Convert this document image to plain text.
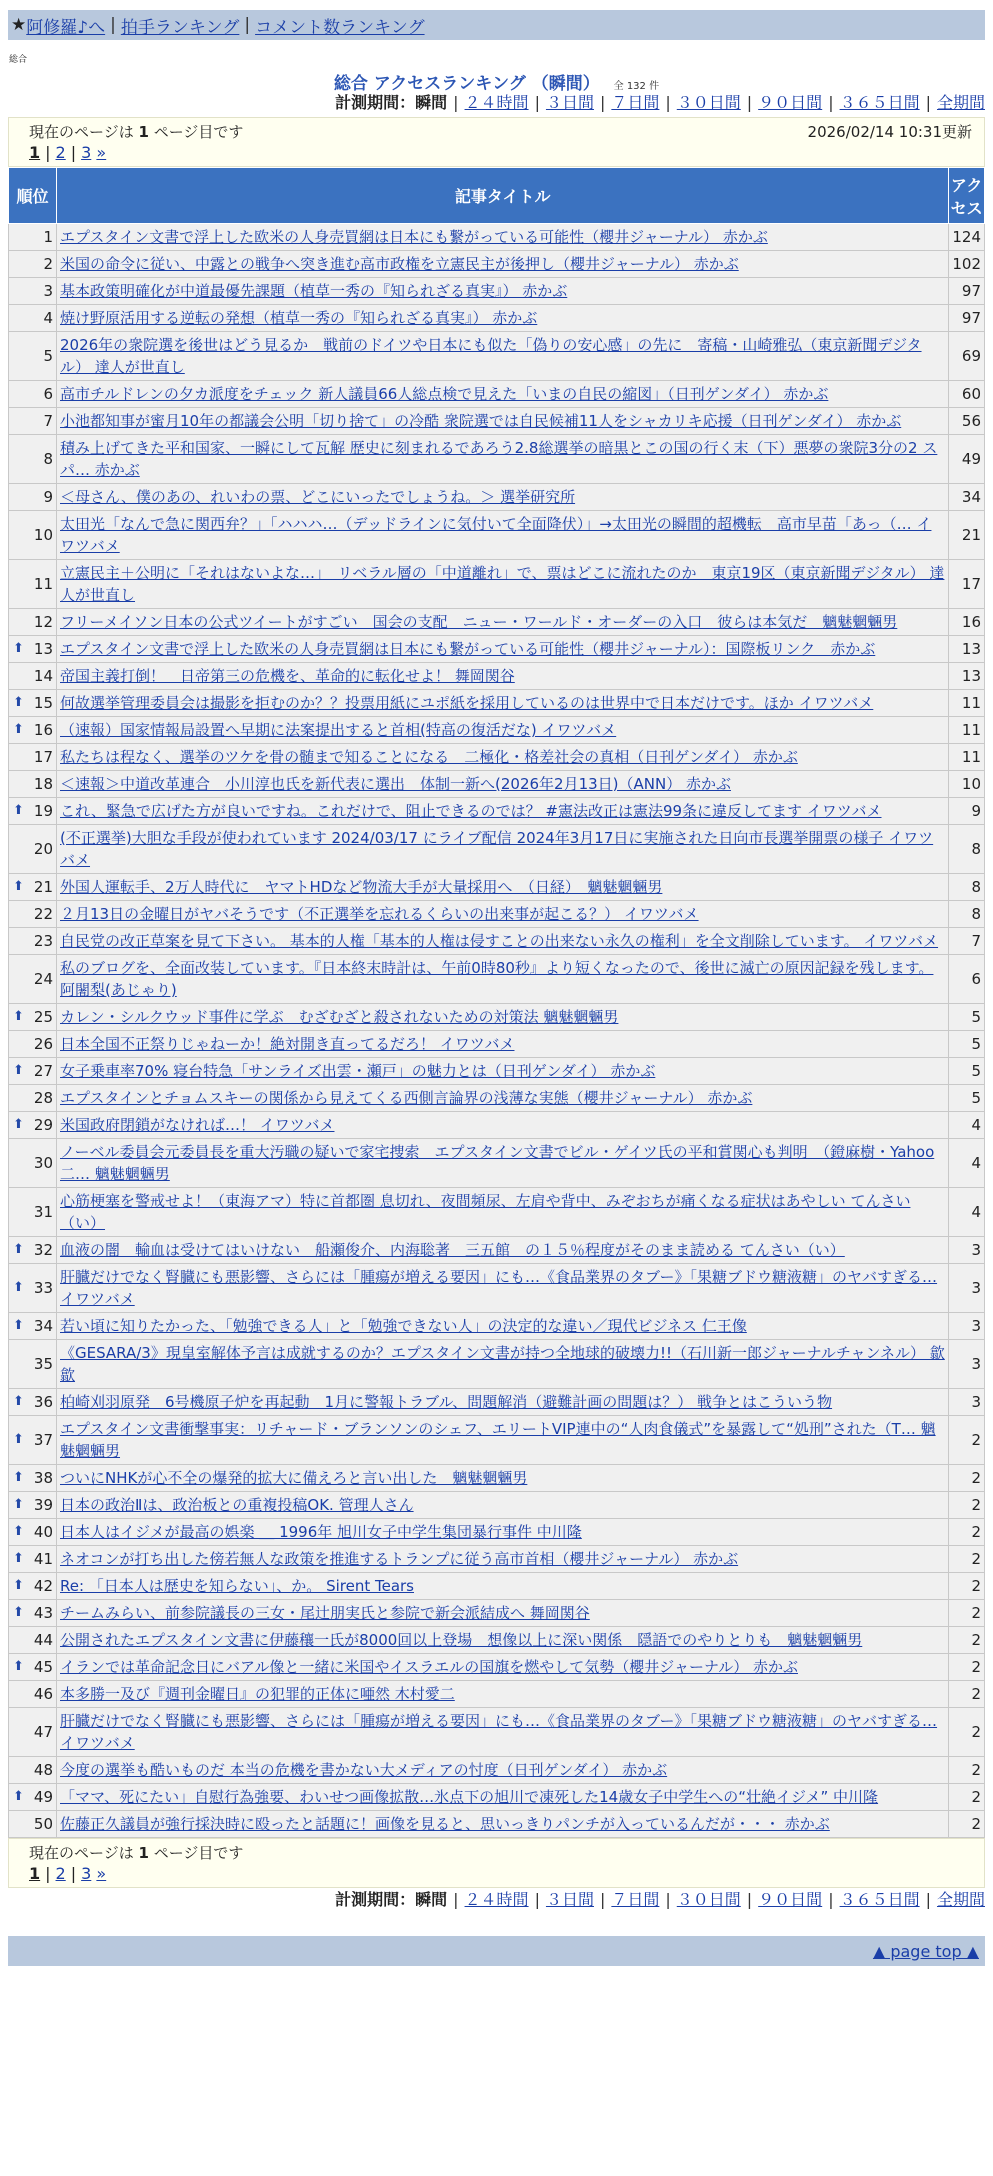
★ 阿修羅♪へ | 拍手ランキング | コメント数ランキング
総合
総合 アクセスランキング （瞬間） 全 132 件
計測期間：瞬間 | ２４時間 | ３日間 | ７日間 | ３０日間 | ９０日間 | ３６５日間 | 全期間
現在のページは 1 ページ目です	2026/02/14 10:31更新
1 | 2 | 3 »
順位	記事タイトル	アクセス
1	エプスタイン文書で浮上した欧米の人身売買網は日本にも繋がっている可能性（櫻井ジャーナル） 赤かぶ	124
2	米国の命令に従い、中露との戦争へ突き進む高市政権を立憲民主が後押し（櫻井ジャーナル） 赤かぶ	102
3	基本政策明確化が中道最優先課題（植草一秀の『知られざる真実』） 赤かぶ	97
4	焼け野原活用する逆転の発想（植草一秀の『知られざる真実』） 赤かぶ	97
5	2026年の衆院選を後世はどう見るか　戦前のドイツや日本にも似た「偽りの安心感」の先に　寄稿・山崎雅弘（東京新聞デジタル） 達人が世直し	69
6	高市チルドレンの夕カ派度をチェック 新人議員66人総点検で見えた「いまの自民の縮図」（日刊ゲンダイ） 赤かぶ	60
7	小池都知事が蜜月10年の都議会公明「切り捨て」の冷酷 衆院選では自民候補11人をシャカリキ応援（日刊ゲンダイ） 赤かぶ	56
8	積み上げてきた平和国家、一瞬にして瓦解 歴史に刻まれるであろう2.8総選挙の暗黒とこの国の行く末（下）悪夢の衆院3分の2 スパ… 赤かぶ	49
9	＜母さん、僕のあの、れいわの票、どこにいったでしょうね。＞ 選挙研究所	34
10	太田光「なんで急に関西弁？」「ハハハ…（デッドラインに気付いて全面降伏）」→太田光の瞬間的超機転　高市早苗「あっ（… イワツバメ	21
11	立憲民主＋公明に「それはないよな…」　リベラル層の「中道離れ」で、票はどこに流れたのか　東京19区（東京新聞デジタル） 達人が世直し	17
12	フリーメイソン日本の公式ツイートがすごい　国会の支配　ニュー・ワールド・オーダーの入口　彼らは本気だ　魑魅魍魎男	16

⬆ 13	エプスタイン文書で浮上した欧米の人身売買網は日本にも繋がっている可能性（櫻井ジャーナル）：国際板リンク　赤かぶ	13
14	帝国主義打倒！　日帝第三の危機を、革命的に転化せよ！ 舞岡関谷	13

⬆ 15	何故選挙管理委員会は撮影を拒むのか？？投票用紙にユポ紙を採用しているのは世界中で日本だけです。ほか イワツバメ	11

⬆ 16	（速報）国家情報局設置へ早期に法案提出すると首相(特高の復活だな) イワツバメ	11
17	私たちは程なく、選挙のツケを骨の髄まで知ることになる　二極化・格差社会の真相（日刊ゲンダイ） 赤かぶ	11
18	＜速報＞中道改革連合　小川淳也氏を新代表に選出　体制一新へ(2026年2月13日)（ANN） 赤かぶ	10

⬆ 19	これ、緊急で広げた方が良いですね。これだけで、阻止できるのでは？ #憲法改正は憲法99条に違反してます イワツバメ	9
20	(不正選挙)大胆な手段が使われています 2024/03/17 にライブ配信 2024年3月17日に実施された日向市長選挙開票の様子 イワツバメ	8

⬆ 21	外国人運転手、2万人時代に　ヤマトHDなど物流大手が大量採用へ　（日経）　魑魅魍魎男	8
22	２月13日の金曜日がヤバそうです（不正選挙を忘れるくらいの出来事が起こる？） イワツバメ	8
23	自民党の改正草案を見て下さい。 基本的人権「基本的人権は侵すことの出来ない永久の権利」を全文削除しています。 イワツバメ	7
24	私のブログを、全面改装しています。『日本終末時計は、午前0時80秒』より短くなったので、後世に滅亡の原因記録を残します。 阿闍梨(あじゃり)	6

⬆ 25	カレン・シルクウッド事件に学ぶ　むざむざと殺されないための対策法 魑魅魍魎男	5
26	日本全国不正祭りじゃねーか！絶対開き直ってるだろ！ イワツバメ	5

⬆ 27	女子乗車率70% 寝台特急「サンライズ出雲・瀬戸」の魅力とは（日刊ゲンダイ） 赤かぶ	5
28	エプスタインとチョムスキーの関係から見えてくる西側言論界の浅薄な実態（櫻井ジャーナル） 赤かぶ	5

⬆ 29	米国政府閉鎖がなければ…！ イワツバメ	4
30	ノーベル委員会元委員長を重大汚職の疑いで家宅捜索　エプスタイン文書でビル・ゲイツ氏の平和賞関心も判明　（鐙麻樹・Yahoo二… 魑魅魍魎男	4
31	心筋梗塞を警戒せよ！（東海アマ）特に首都圏 息切れ、夜間頻尿、左肩や背中、みぞおちが痛くなる症状はあやしい てんさい（い）	4

⬆ 32	血液の闇　輸血は受けてはいけない　船瀬俊介、内海聡著　三五館　の１５％程度がそのまま読める てんさい（い）	3

⬆ 33	肝臓だけでなく腎臓にも悪影響、さらには「腫瘍が増える要因」にも…《食品業界のタブー》「果糖ブドウ糖液糖」のヤバすぎる… イワツバメ	3

⬆ 34	若い頃に知りたかった、「勉強できる人」と「勉強できない人」の決定的な違い／現代ビジネス 仁王像	3
35	《GESARA/3》現皇室解体予言は成就するのか？エプスタイン文書が持つ全地球的破壊力!!（石川新一郎ジャーナルチャンネル） 歙歙	3

⬆ 36	柏崎刈羽原発　6号機原子炉を再起動　1月に警報トラブル、問題解消（避難計画の問題は？） 戦争とはこういう物	3

⬆ 37	エプスタイン文書衝撃事実：リチャード・ブランソンのシェフ、エリートVIP連中の“人肉食儀式”を暴露して“処刑”された（T… 魑魅魍魎男	2

⬆ 38	ついにNHKが心不全の爆発的拡大に備えろと言い出した　魑魅魍魎男	2

⬆ 39	日本の政治Ⅱは、政治板との重複投稿OK. 管理人さん	2

⬆ 40	日本人はイジメが最高の娯楽 ＿ 1996年 旭川女子中学生集団暴行事件 中川隆	2

⬆ 41	ネオコンが打ち出した傍若無人な政策を推進するトランプに従う高市首相（櫻井ジャーナル） 赤かぶ	2

⬆ 42	Re: 「日本人は歴史を知らない」、か。 Sirent Tears	2

⬆ 43	チームみらい、前参院議長の三女・尾辻朋実氏と参院で新会派結成へ 舞岡関谷	2
44	公開されたエプスタイン文書に伊藤穰一氏が8000回以上登場　想像以上に深い関係　隠語でのやりとりも　魑魅魍魎男	2

⬆ 45	イランでは革命記念日にバアル像と一緒に米国やイスラエルの国旗を燃やして気勢（櫻井ジャーナル） 赤かぶ	2
46	本多勝一及び『週刊金曜日』の犯罪的正体に唖然 木村愛二	2
47	肝臓だけでなく腎臓にも悪影響、さらには「腫瘍が増える要因」にも…《食品業界のタブー》「果糖ブドウ糖液糖」のヤバすぎる… イワツバメ	2
48	今度の選挙も酷いものだ 本当の危機を書かない大メディアの忖度（日刊ゲンダイ） 赤かぶ	2

⬆ 49	「ママ、死にたい」自慰行為強要、わいせつ画像拡散…氷点下の旭川で凍死した14歳女子中学生への“壮絶イジメ” 中川隆	2
50	佐藤正久議員が強行採決時に殴ったと話題に！画像を見ると、思いっきりパンチが入っているんだが・・・ 赤かぶ	2
現在のページは 1 ページ目です
1 | 2 | 3 »
計測期間：瞬間 | ２４時間 | ３日間 | ７日間 | ３０日間 | ９０日間 | ３６５日間 | 全期間
▲ page top ▲
